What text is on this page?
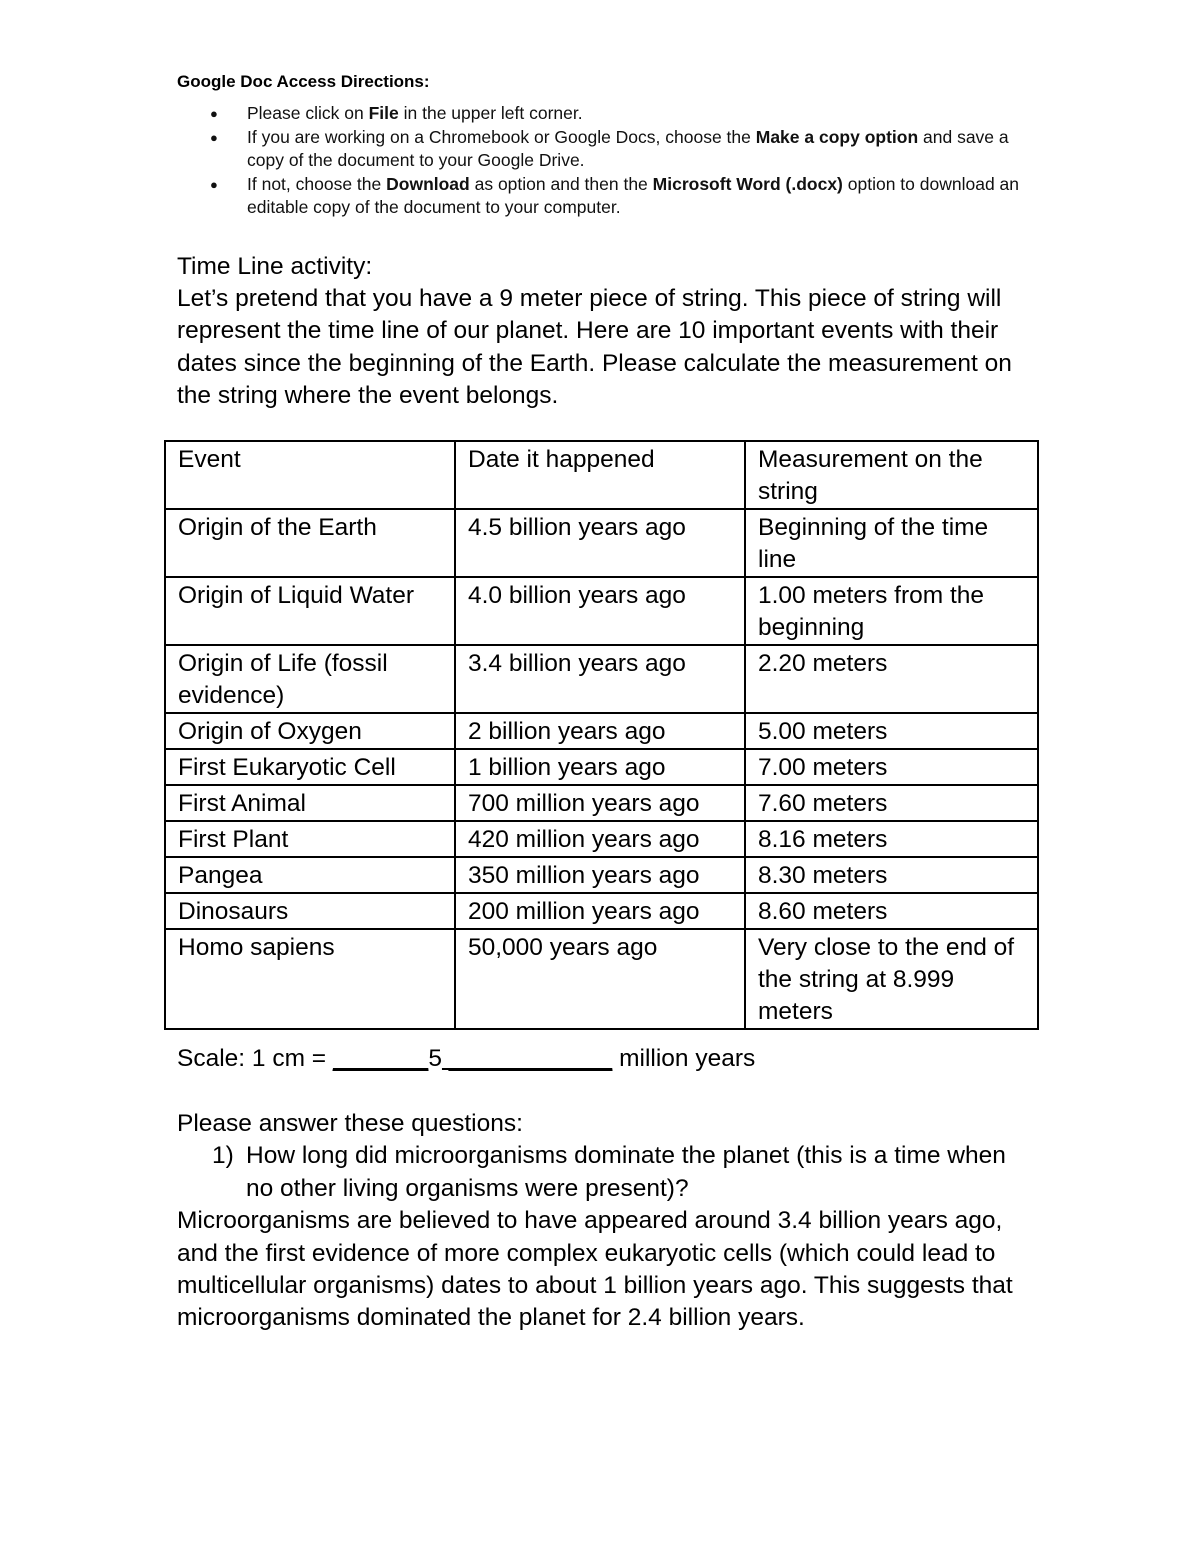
Google Doc Access Directions:
● Please click on File in the upper left corner.
● If you are working on a Chromebook or Google Docs, choose the Make a copy option and save a copy of the document to your Google Drive.
● If not, choose the Download as option and then the Microsoft Word (.docx) option to download an editable copy of the document to your computer.

Time Line activity:

Let’s pretend that you have a 9 meter piece of string. This piece of string will represent the time line of our planet. Here are 10 important events with their dates since the beginning of the Earth. Please calculate the measurement on the string where the event belongs.

Event	Date it happened	Measurement on the string
Origin of the Earth	4.5 billion years ago	Beginning of the time line
Origin of Liquid Water	4.0 billion years ago	1.00 meters from the beginning
Origin of Life (fossil evidence)	3.4 billion years ago	2.20 meters
Origin of Oxygen	2 billion years ago	5.00 meters
First Eukaryotic Cell	1 billion years ago	7.00 meters
First Animal	700 million years ago	7.60 meters
First Plant	420 million years ago	8.16 meters
Pangea	350 million years ago	8.30 meters
Dinosaurs	200 million years ago	8.60 meters
Homo sapiens	50,000 years ago	Very close to the end of the string at 8.999 meters
Scale: 1 cm = _______5 ____________ million years

Please answer these questions:

1) How long did microorganisms dominate the planet (this is a time when no other living organisms were present)?

Microorganisms are believed to have appeared around 3.4 billion years ago, and the first evidence of more complex eukaryotic cells (which could lead to multicellular organisms) dates to about 1 billion years ago. This suggests that microorganisms dominated the planet for 2.4 billion years.
